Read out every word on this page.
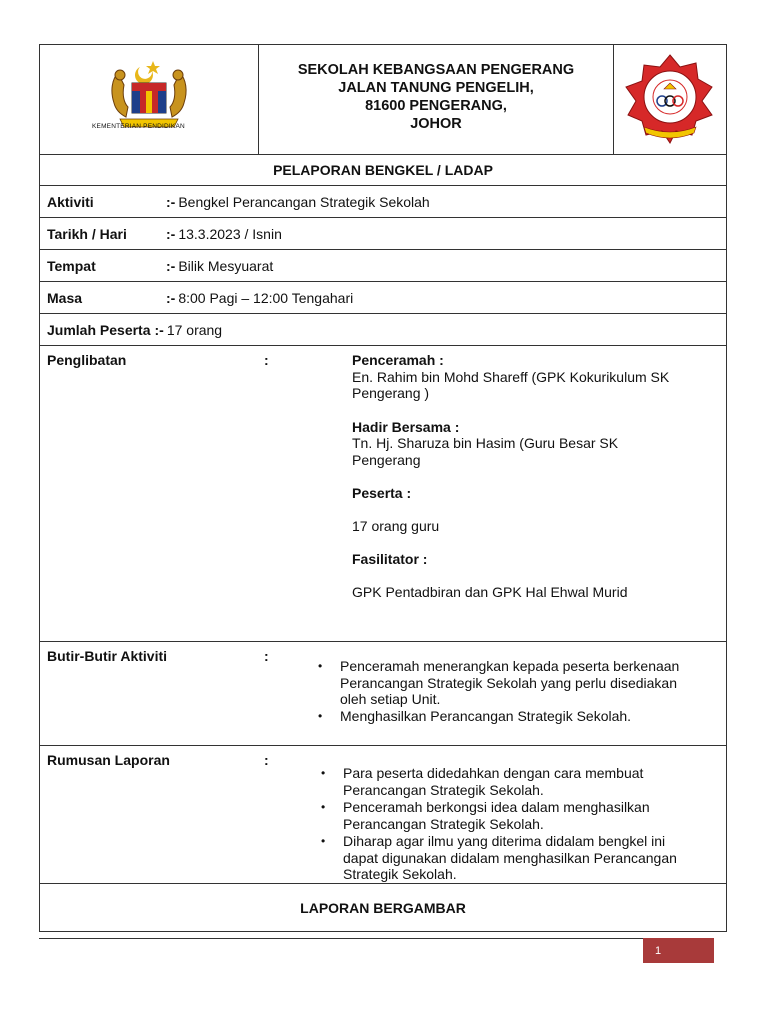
KEMENTERIAN PENDIDIKAN
SEKOLAH KEBANGSAAN PENGERANG
JALAN TANUNG PENGELIH,
81600 PENGERANG,
JOHOR
PELAPORAN BENGKEL / LADAP
Aktiviti	:- Bengkel Perancangan Strategik Sekolah
Tarikh / Hari	:- 13.3.2023 / Isnin
Tempat	:- Bilik Mesyuarat
Masa	:- 8:00 Pagi – 12:00 Tengahari
Jumlah Peserta :- 17 orang
Penglibatan	:	Penceramah :
En. Rahim bin Mohd Shareff (GPK Kokurikulum SK
Pengerang )
Hadir Bersama :
Tn. Hj. Sharuza bin Hasim (Guru Besar SK
Pengerang
Peserta :
17 orang guru
Fasilitator :
GPK Pentadbiran dan GPK Hal Ehwal Murid
Butir-Butir Aktiviti	:
• Penceramah menerangkan kepada peserta berkenaan
Perancangan Strategik Sekolah yang perlu disediakan
oleh setiap Unit.
• Menghasilkan Perancangan Strategik Sekolah.
Rumusan Laporan	:
• Para peserta didedahkan dengan cara membuat
Perancangan Strategik Sekolah.
• Penceramah berkongsi idea dalam menghasilkan
Perancangan Strategik Sekolah.
• Diharap agar ilmu yang diterima didalam bengkel ini
dapat digunakan didalam menghasilkan Perancangan
Strategik Sekolah.
LAPORAN BERGAMBAR
1
